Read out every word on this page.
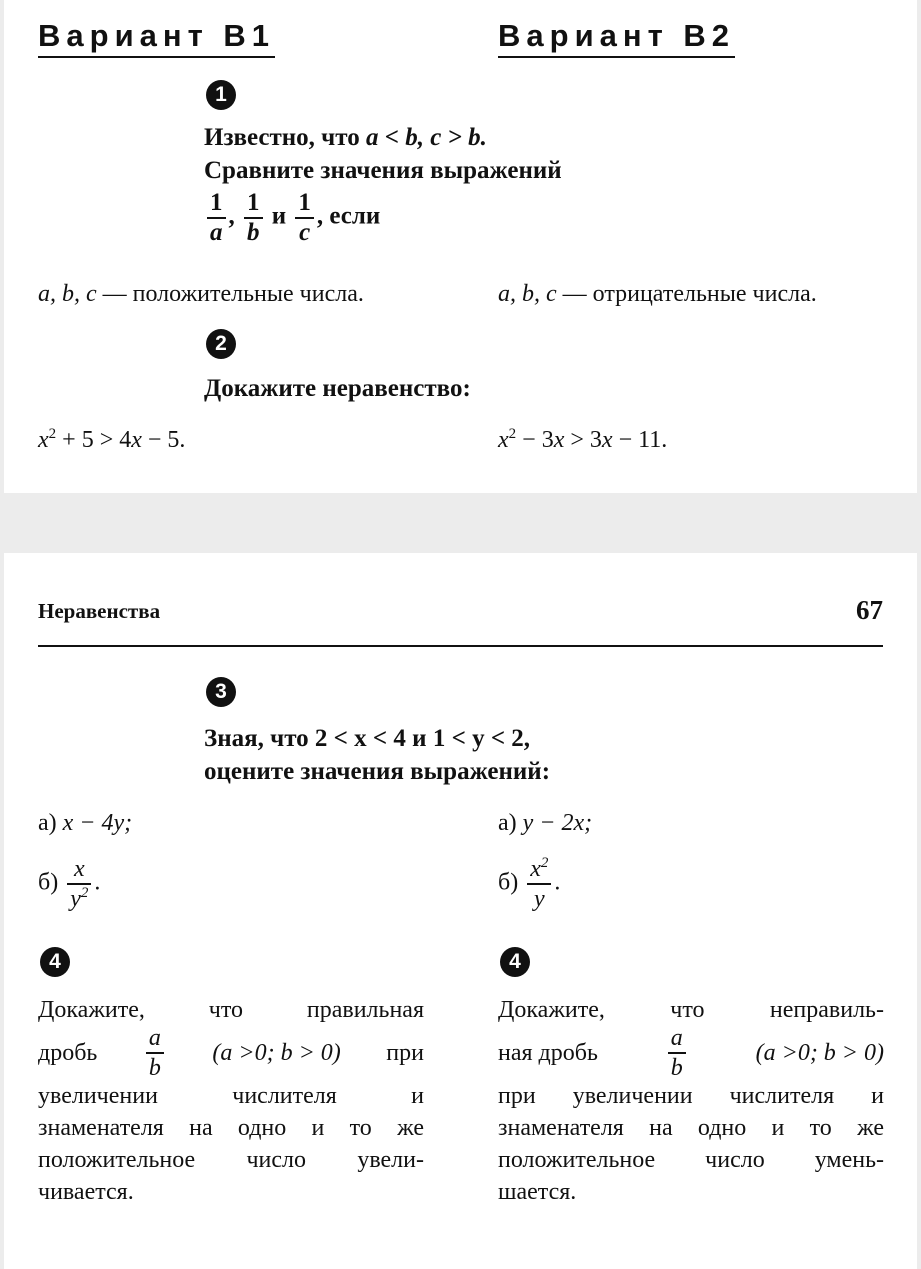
Вариант В1	Вариант В2
1
Известно, что a < b, c > b.
Сравните значения выражений
$\frac{1}{a}$ , $\frac{1}{b}$ и $\frac{1}{c}$ , если
a, b, c — положительные числа.	a, b, c — отрицательные числа.
2
Докажите неравенство:
$x^2 + 5 > 4x - 5$.	$x^2 - 3x > 3x - 11$.
Неравенства	67
3
Зная, что 2 < x < 4 и 1 < y < 2,
оцените значения выражений:
а) x − 4y;	а) y − 2x;
$б) \frac{x}{y^2}$ .	$б) \frac{x^2}{y}$ .
4	4
Докажите, что правильная
дробь $\frac{a}{b} (a >0$; b > 0) при
увеличении числителя и
знаменателя на одно и то же
положительное число увели-
чивается.
Докажите, что неправиль-
ная дробь	$\frac{a}{b}$	(a >0; b > 0)
при увеличении числителя и
знаменателя на одно и то же
положительное число умень-
шается.
